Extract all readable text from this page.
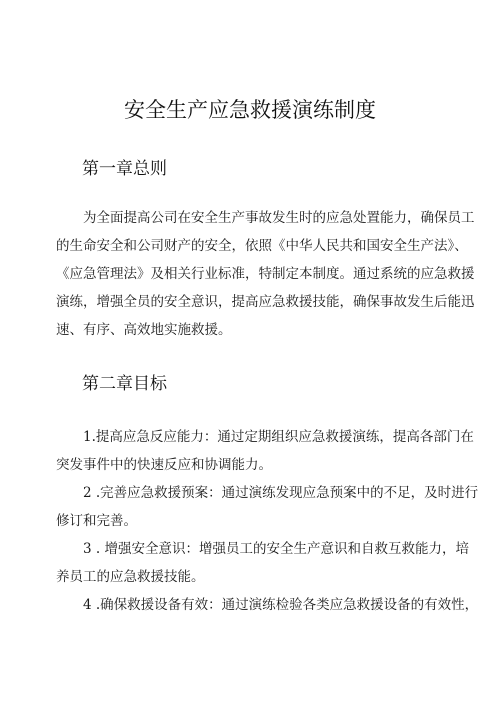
安全生产应急救援演练制度
第一章总则

为全面提高公司在安全生产事故发生时的应急处置能力，确保员工
的生命安全和公司财产的安全，依照《中华人民共和国安全生产法》、
《应急管理法》及相关行业标准，特制定本制度。通过系统的应急救援
演练，增强全员的安全意识，提高应急救援技能，确保事故发生后能迅
速、有序、高效地实施救援。

第二章目标

1.提高应急反应能力：通过定期组织应急救援演练，提高各部门在
突发事件中的快速反应和协调能力。

2 .完善应急救援预案：通过演练发现应急预案中的不足，及时进行
修订和完善。

3 . 增强安全意识：增强员工的安全生产意识和自救互救能力，培
养员工的应急救援技能。

4 .确保救援设备有效：通过演练检验各类应急救援设备的有效性，
